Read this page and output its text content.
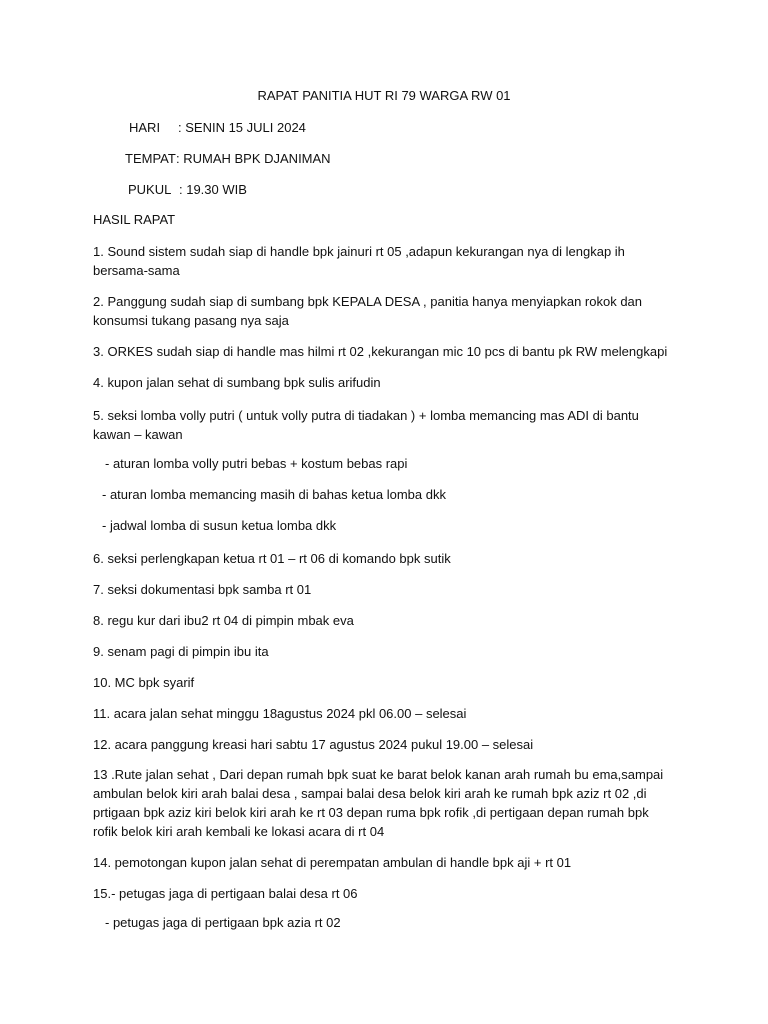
RAPAT PANITIA HUT RI 79 WARGA RW 01
HARI : SENIN 15 JULI 2024
TEMPAT : RUMAH BPK DJANIMAN
PUKUL : 19.30 WIB
HASIL RAPAT
1. Sound sistem sudah siap di handle bpk jainuri rt 05 ,adapun kekurangan nya di lengkap ih bersama-sama
2. Panggung sudah siap di sumbang bpk KEPALA DESA , panitia hanya menyiapkan rokok dan konsumsi tukang pasang nya saja
3. ORKES sudah siap di handle mas hilmi rt 02 ,kekurangan mic 10 pcs di bantu pk RW melengkapi
4. kupon jalan sehat di sumbang bpk sulis arifudin
5. seksi lomba volly putri ( untuk volly putra di tiadakan ) + lomba memancing mas ADI di bantu kawan – kawan
- aturan lomba volly putri bebas + kostum bebas rapi
- aturan lomba memancing masih di bahas ketua lomba dkk
- jadwal lomba di susun ketua lomba dkk
6. seksi perlengkapan ketua rt 01 – rt 06 di komando bpk sutik
7. seksi dokumentasi bpk samba rt 01
8. regu kur dari ibu2 rt 04 di pimpin mbak eva
9. senam pagi di pimpin ibu ita
10. MC bpk syarif
11. acara jalan sehat minggu 18agustus 2024 pkl 06.00 – selesai
12. acara panggung kreasi hari sabtu 17 agustus 2024 pukul 19.00 – selesai
13 .Rute jalan sehat , Dari depan rumah bpk suat ke barat belok kanan arah rumah bu ema,sampai ambulan belok kiri arah balai desa , sampai balai desa belok kiri arah ke rumah bpk aziz rt 02 ,di prtigaan bpk aziz kiri belok kiri arah ke rt 03 depan ruma bpk rofik ,di pertigaan depan rumah bpk rofik belok kiri arah kembali ke lokasi acara di rt 04
14. pemotongan kupon jalan sehat di perempatan ambulan di handle bpk aji + rt 01
15.- petugas jaga di pertigaan balai desa rt 06
- petugas jaga di pertigaan bpk azia rt 02
